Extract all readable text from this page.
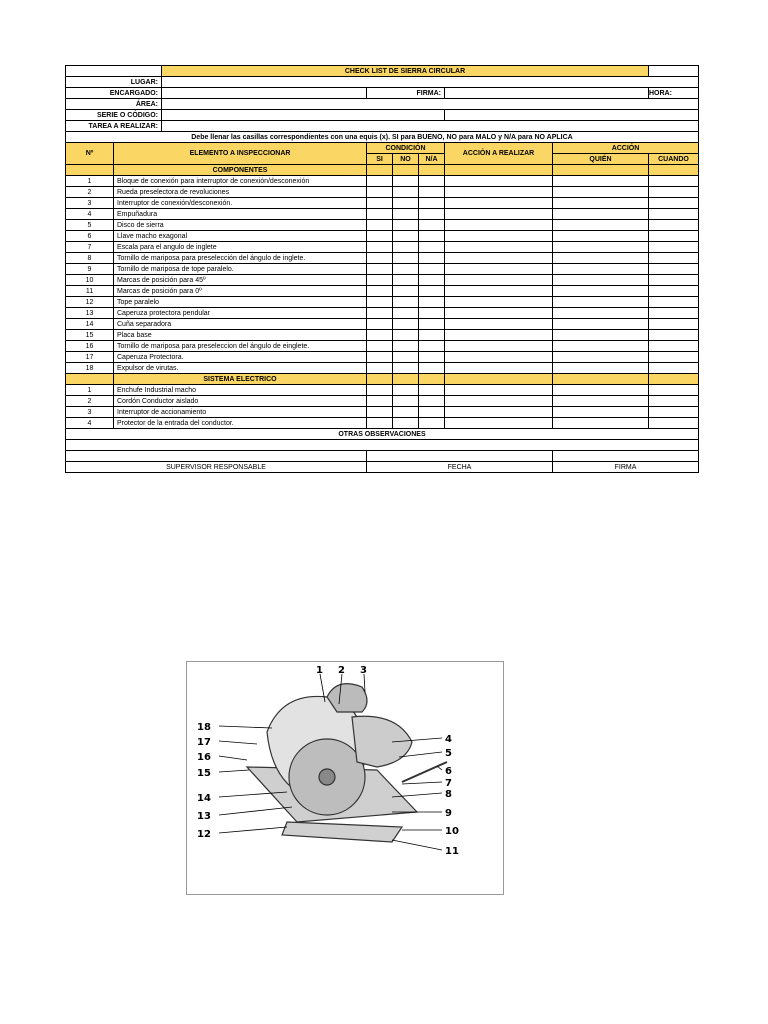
		CHECK LIST DE SIERRA CIRCULAR						
LUGAR:								
ENCARGADO:			FIRMA:					HORA:
ÁREA:								
SERIE O CÓDIGO:								
TAREA A REALIZAR:								
Debe llenar las casillas correspondientes con una equis (x). SI para BUENO, NO para MALO y N/A para NO APLICA								
Nº	ELEMENTO A INSPECCIONAR		CONDICIÓN			ACCIÓN A REALIZAR	ACCIÓN	
			SI	NO	N/A		QUIÉN	CUANDO
	COMPONENTES							
1	Bloque de conexión para interruptor de conexión/desconexión							
2	Rueda preselectora de revoluciones							
3	Interruptor de conexión/desconexión.							
4	Empuñadura							
5	Disco de sierra							
6	Llave macho exagonal							
7	Escala para el angulo de inglete							
8	Tornillo de mariposa para preselección del ángulo de inglete.							
9	Tornillo de mariposa de tope paralelo.							
10	Marcas de posición para 45º							
11	Marcas de posición para 0º							
12	Tope paralelo							
13	Caperuza protectora pendular							
14	Cuña separadora							
15	Placa base							
16	Tornillo de mariposa para preseleccion del ángulo de einglete.							
17	Caperuza Protectora.							
18	Expulsor de virutas.							
	SISTEMA ELECTRICO							
1	Enchufe Industrial macho							
2	Cordón Conductor aislado							
3	Interruptor de accionamiento							
4	Protector de la entrada del conductor.							
OTRAS OBSERVACIONES								

SUPERVISOR RESPONSABLE			FECHA				FIRMA	
1 2 3
4
5
6
7
8
9
10
11
12
13
14
15
16
17
18
